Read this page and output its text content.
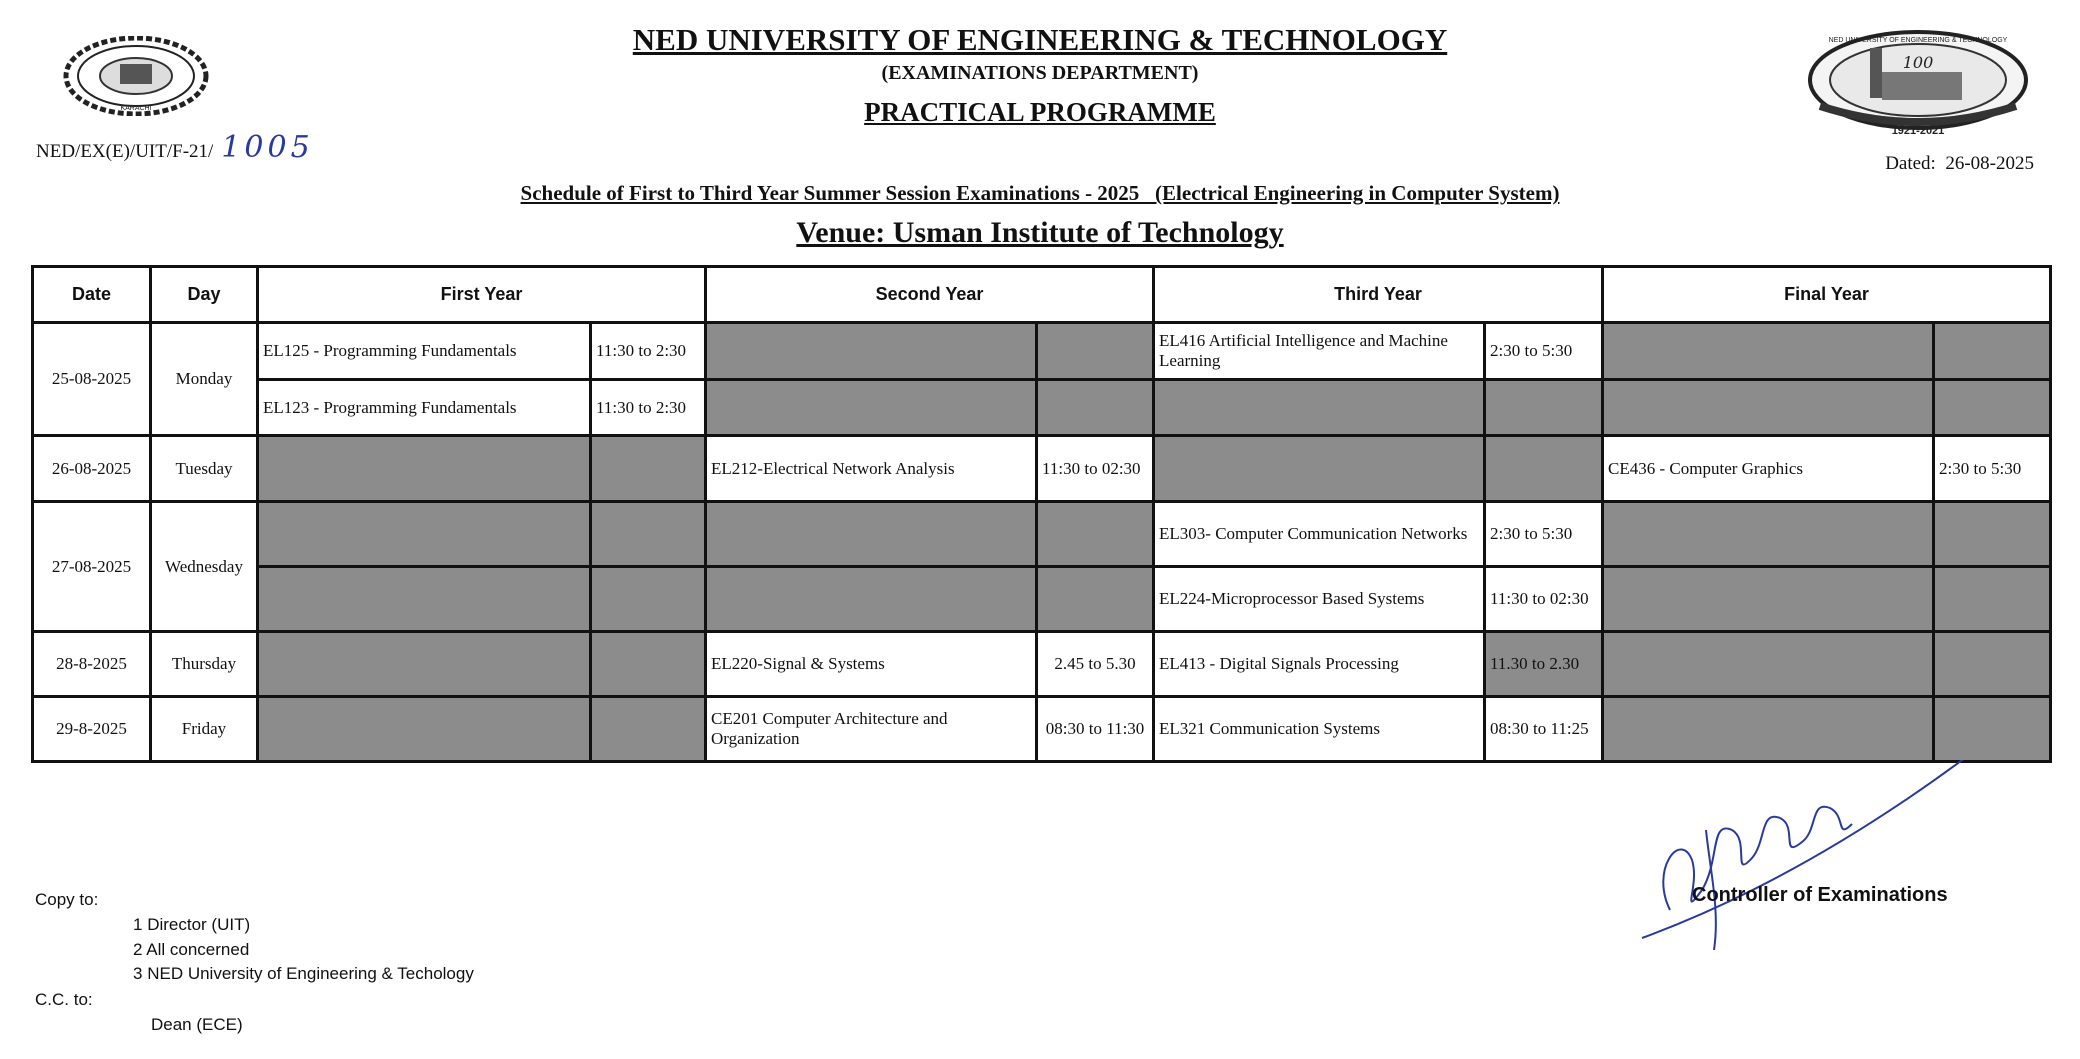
KARACHI
100
NED UNIVERSITY OF ENGINEERING & TECHNOLOGY
1921-2021
NED UNIVERSITY OF ENGINEERING & TECHNOLOGY
(EXAMINATIONS DEPARTMENT)
PRACTICAL PROGRAMME
NED/EX(E)/UIT/F-21/ 1005	Dated: 26-08-2025
Schedule of First to Third Year Summer Session Examinations - 2025   (Electrical Engineering in Computer System)
Venue: Usman Institute of Technology
Date	Day	First Year		Second Year		Third Year		Final Year	
25-08-2025	Monday	EL125 - Programming Fundamentals	11:30 to 2:30			EL416 Artificial Intelligence and Machine Learning	2:30 to 5:30		
		EL123 - Programming Fundamentals	11:30 to 2:30						
26-08-2025	Tuesday			EL212-Electrical Network Analysis	11:30 to 02:30			CE436 - Computer Graphics	2:30 to 5:30
27-08-2025	Wednesday					EL303- Computer Communication Networks	2:30 to 5:30		
						EL224-Microprocessor Based Systems	11:30 to 02:30		
28-8-2025	Thursday			EL220-Signal & Systems	2.45 to 5.30	EL413 - Digital Signals Processing	11.30 to 2.30		
29-8-2025	Friday			CE201 Computer Architecture and Organization	08:30 to 11:30	EL321 Communication Systems	08:30 to 11:25		
Controller of Examinations
Copy to:
1 Director (UIT)
2 All concerned
3 NED University of Engineering & Techology
C.C. to:
Dean (ECE)
